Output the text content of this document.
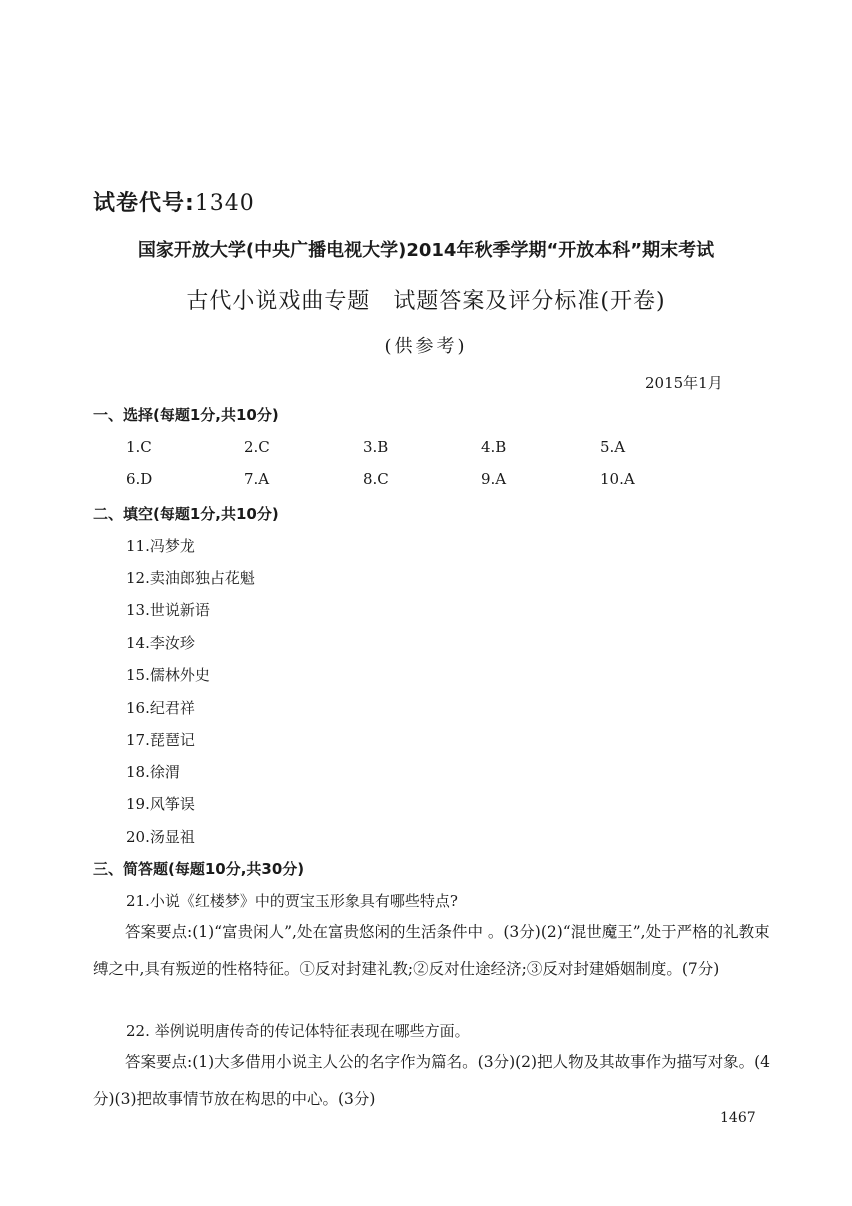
试卷代号:1340
国家开放大学(中央广播电视大学)2014年秋季学期“开放本科”期末考试
古代小说戏曲专题　试题答案及评分标准(开卷)
(供参考)
2015年1月
一、选择(每题1分,共10分)
1.C	2.C	3.B	4.B	5.A
6.D	7.A	8.C	9.A	10.A
二、填空(每题1分,共10分)
11.冯梦龙
12.卖油郎独占花魁
13.世说新语
14.李汝珍
15.儒林外史
16.纪君祥
17.琵琶记
18.徐渭
19.风筝误
20.汤显祖
三、简答题(每题10分,共30分)
21.小说《红楼梦》中的贾宝玉形象具有哪些特点?
答案要点:(1)“富贵闲人”,处在富贵悠闲的生活条件中 。(3分)(2)“混世魔王”,处于严格的礼教束缚之中,具有叛逆的性格特征。①反对封建礼教;②反对仕途经济;③反对封建婚姻制度。(7分)
22. 举例说明唐传奇的传记体特征表现在哪些方面。
答案要点:(1)大多借用小说主人公的名字作为篇名。(3分)(2)把人物及其故事作为描写对象。(4分)(3)把故事情节放在构思的中心。(3分)
1467
